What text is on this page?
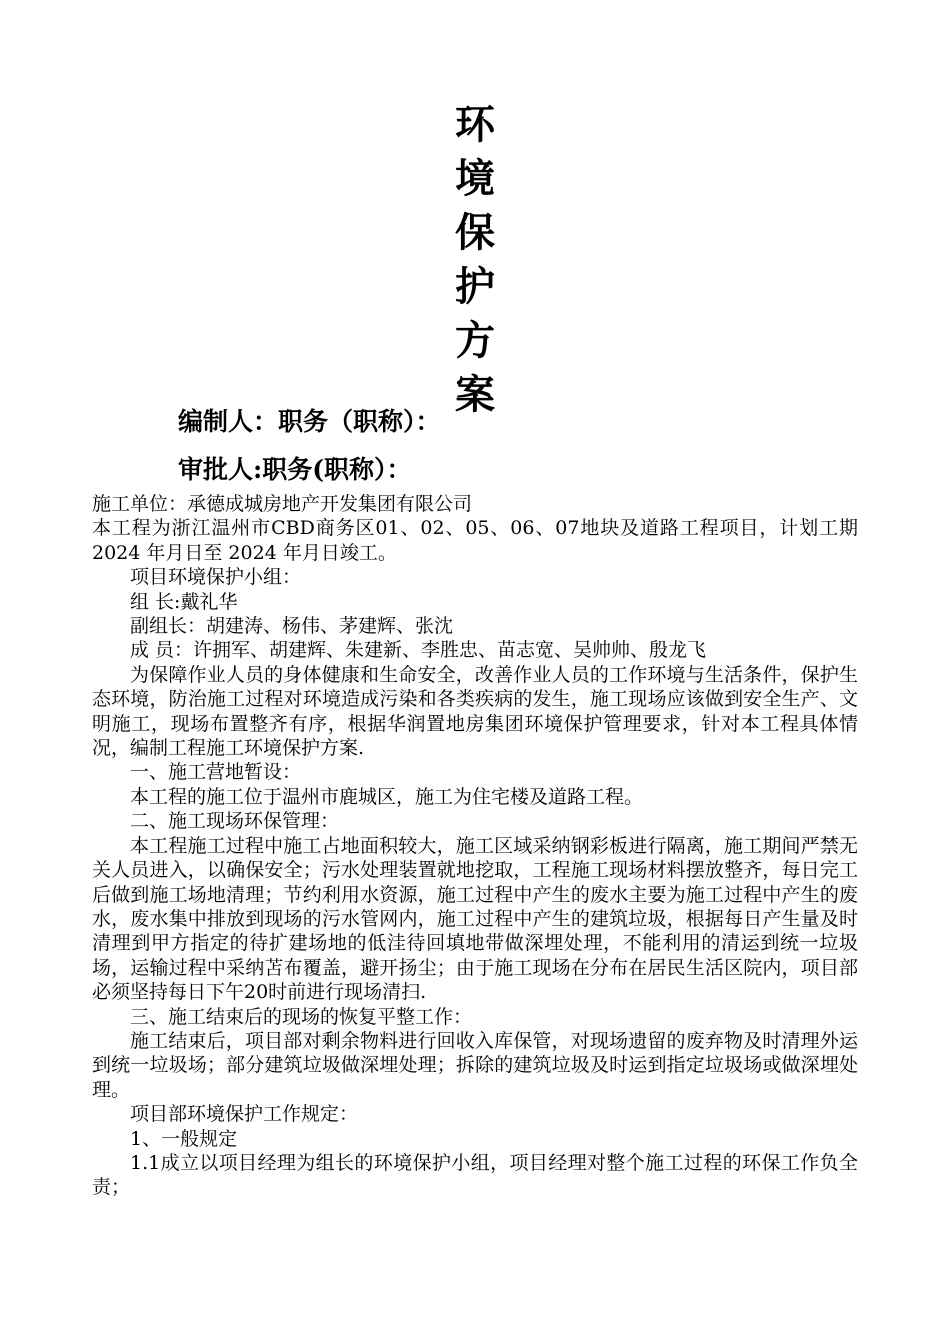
环
境
保
护
方
案
编制人：职务（职称）：
审批人:职务(职称）：

施工单位：承德成城房地产开发集团有限公司

本工程为浙江温州市CBD商务区01、02、05、06、07地块及道路工程项目，计划工期2024 年月日至 2024 年月日竣工。

项目环境保护小组：

组 长:戴礼华

副组长：胡建涛、杨伟、茅建辉、张沈

成 员：许拥军、胡建辉、朱建新、李胜忠、苗志宽、吴帅帅、殷龙飞

为保障作业人员的身体健康和生命安全，改善作业人员的工作环境与生活条件，保护生态环境，防治施工过程对环境造成污染和各类疾病的发生，施工现场应该做到安全生产、文明施工，现场布置整齐有序，根据华润置地房集团环境保护管理要求，针对本工程具体情况，编制工程施工环境保护方案.

一、施工营地暂设：

本工程的施工位于温州市鹿城区，施工为住宅楼及道路工程。

二、施工现场环保管理：

本工程施工过程中施工占地面积较大，施工区域采纳钢彩板进行隔离，施工期间严禁无关人员进入，以确保安全；污水处理装置就地挖取，工程施工现场材料摆放整齐，每日完工后做到施工场地清理；节约利用水资源，施工过程中产生的废水主要为施工过程中产生的废水，废水集中排放到现场的污水管网内，施工过程中产生的建筑垃圾，根据每日产生量及时清理到甲方指定的待扩建场地的低洼待回填地带做深埋处理，不能利用的清运到统一垃圾场，运输过程中采纳苫布覆盖，避开扬尘；由于施工现场在分布在居民生活区院内，项目部必须坚持每日下午20时前进行现场清扫.

三、施工结束后的现场的恢复平整工作：

施工结束后，项目部对剩余物料进行回收入库保管，对现场遗留的废弃物及时清理外运到统一垃圾场；部分建筑垃圾做深埋处理；拆除的建筑垃圾及时运到指定垃圾场或做深埋处理。

项目部环境保护工作规定：

1、一般规定

1.1成立以项目经理为组长的环境保护小组，项目经理对整个施工过程的环保工作负全责；
